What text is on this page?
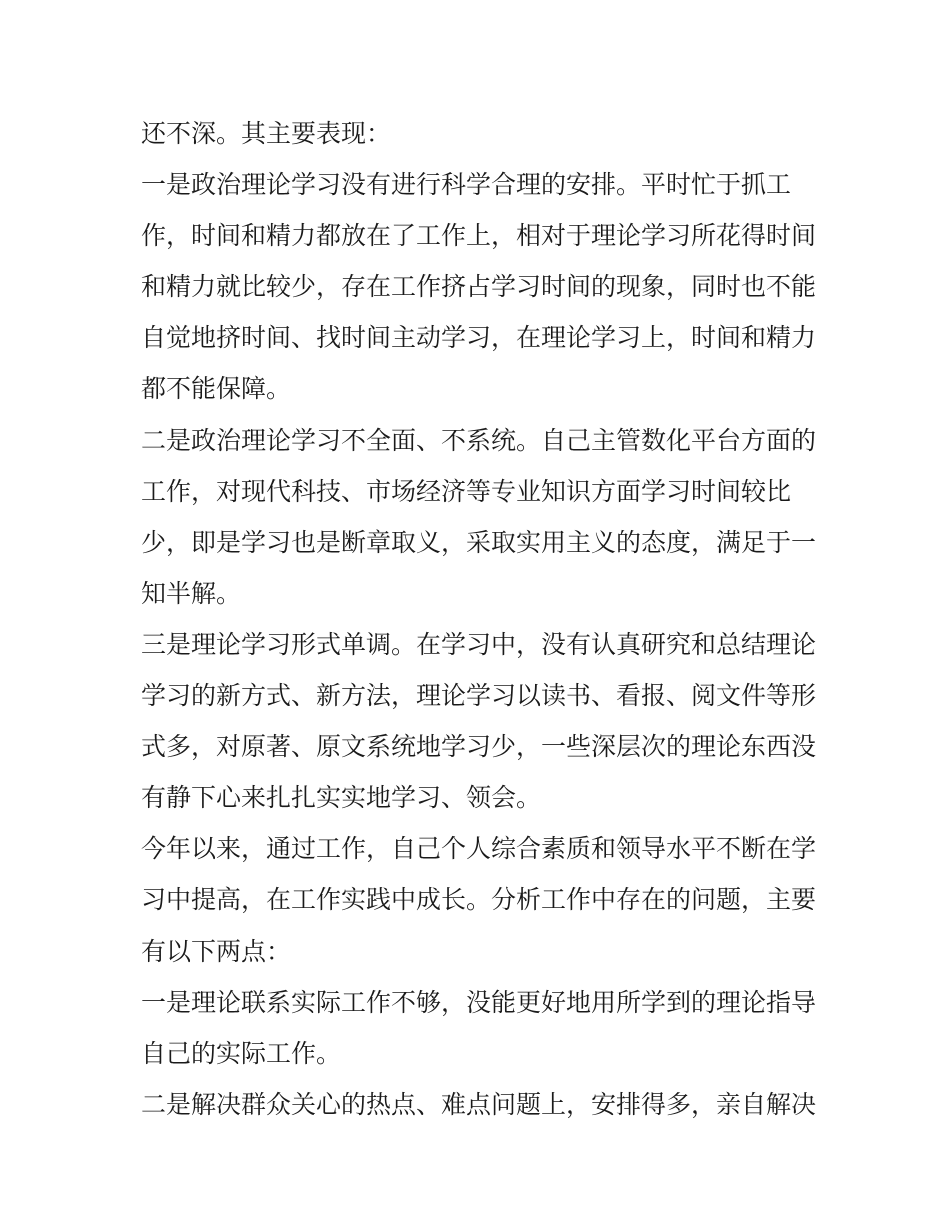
还不深。其主要表现：
一是政治理论学习没有进行科学合理的安排。平时忙于抓工
作，时间和精力都放在了工作上，相对于理论学习所花得时间
和精力就比较少，存在工作挤占学习时间的现象，同时也不能
自觉地挤时间、找时间主动学习，在理论学习上，时间和精力
都不能保障。
二是政治理论学习不全面、不系统。自己主管数化平台方面的
工作，对现代科技、市场经济等专业知识方面学习时间较比
少，即是学习也是断章取义，采取实用主义的态度，满足于一
知半解。
三是理论学习形式单调。在学习中，没有认真研究和总结理论
学习的新方式、新方法，理论学习以读书、看报、阅文件等形
式多，对原著、原文系统地学习少，一些深层次的理论东西没
有静下心来扎扎实实地学习、领会。
今年以来，通过工作，自己个人综合素质和领导水平不断在学
习中提高，在工作实践中成长。分析工作中存在的问题，主要
有以下两点：
一是理论联系实际工作不够，没能更好地用所学到的理论指导
自己的实际工作。
二是解决群众关心的热点、难点问题上，安排得多，亲自解决
